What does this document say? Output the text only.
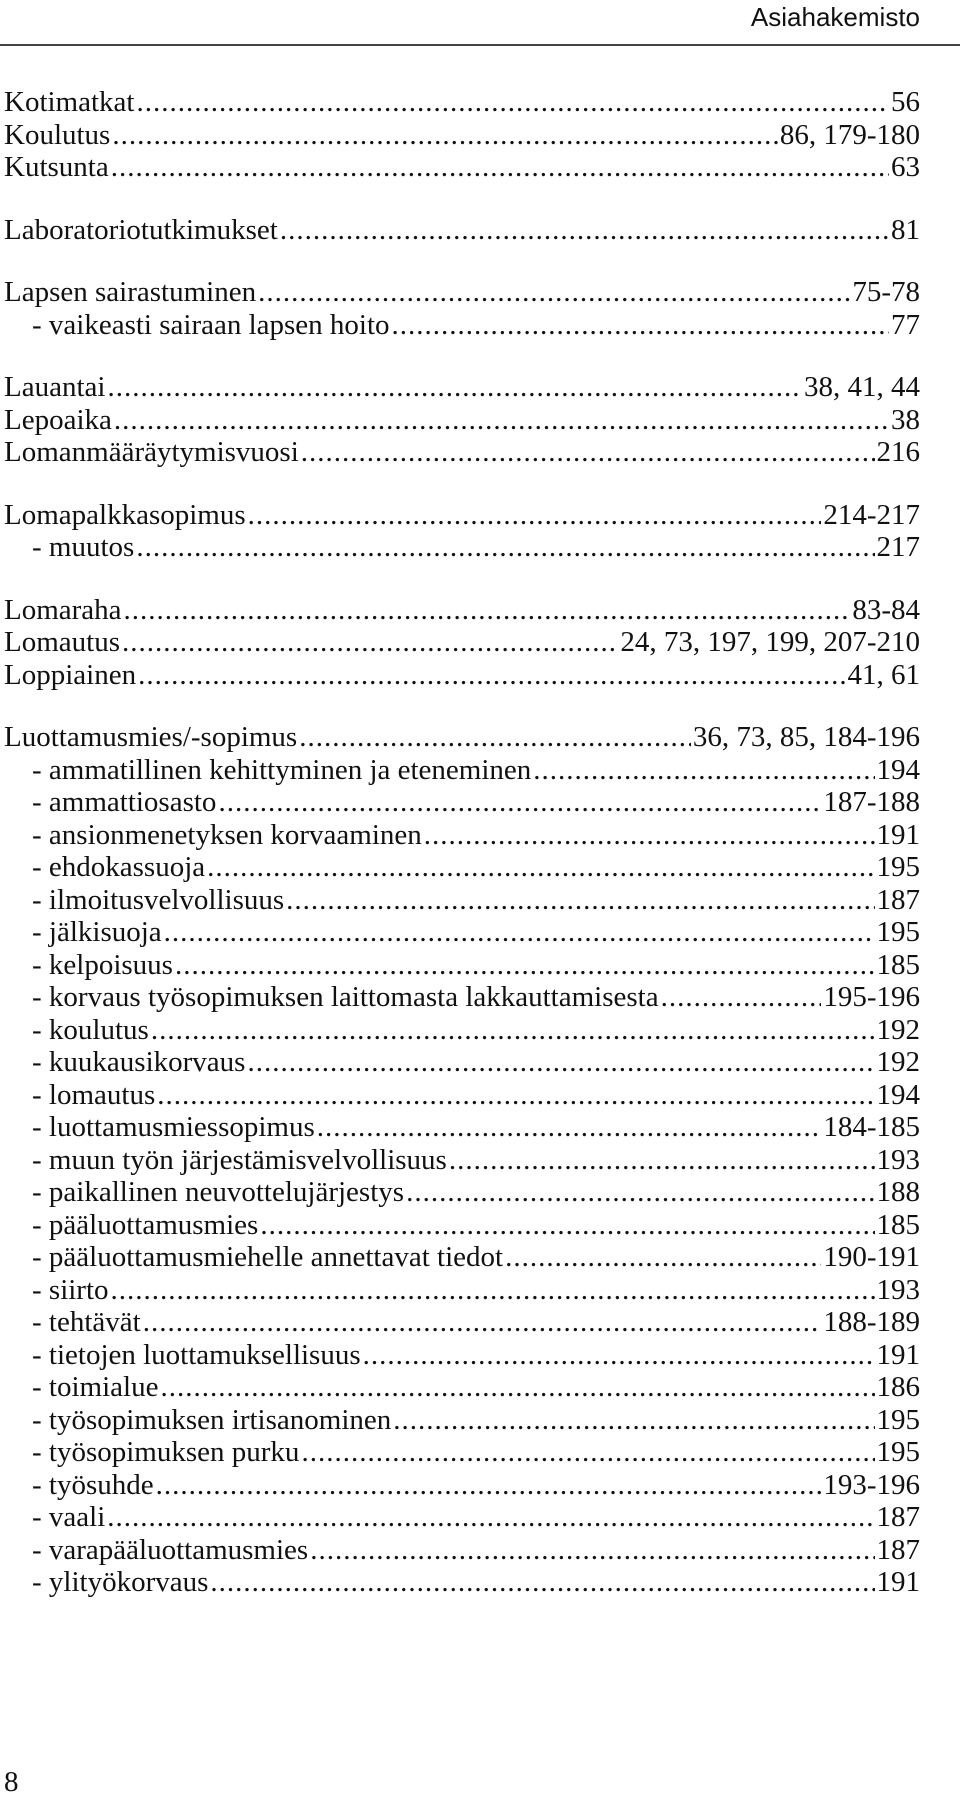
Asiahakemisto
Kotimatkat .....	56
Koulutus .....	86, 179-180
Kutsunta .....	63
Laboratoriotutkimukset .....	81
Lapsen sairastuminen .....	75-78
- vaikeasti sairaan lapsen hoito .....	77
Lauantai .....	38, 41, 44
Lepoaika .....	38
Lomanmääräytymisvuosi .....	216
Lomapalkkasopimus .....	214-217
- muutos .....	217
Lomaraha .....	83-84
Lomautus .....	24, 73, 197, 199, 207-210
Loppiainen .....	41, 61
Luottamusmies/-sopimus .....	36, 73, 85, 184-196
- ammatillinen kehittyminen ja eteneminen .....	194
- ammattiosasto .....	187-188
- ansionmenetyksen korvaaminen .....	191
- ehdokassuoja .....	195
- ilmoitusvelvollisuus .....	187
- jälkisuoja .....	195
- kelpoisuus .....	185
- korvaus työsopimuksen laittomasta lakkauttamisesta .....	195-196
- koulutus .....	192
- kuukausikorvaus .....	192
- lomautus .....	194
- luottamusmiessopimus .....	184-185
- muun työn järjestämisvelvollisuus .....	193
- paikallinen neuvottelujärjestys .....	188
- pääluottamusmies .....	185
- pääluottamusmiehelle annettavat tiedot .....	190-191
- siirto .....	193
- tehtävät .....	188-189
- tietojen luottamuksellisuus .....	191
- toimialue .....	186
- työsopimuksen irtisanominen .....	195
- työsopimuksen purku .....	195
- työsuhde .....	193-196
- vaali .....	187
- varapääluottamusmies .....	187
- ylityökorvaus .....	191
8
